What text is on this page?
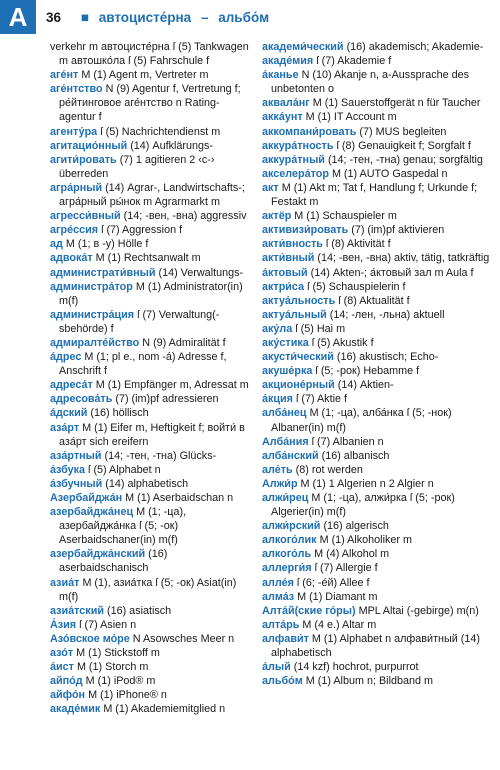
A	36 ■ автоцисте́рна – альбо́м

verkehr m автоцисте́рна ſ (5) Tankwagen m автошко́ла ſ (5) Fahrschule f

аге́нт M (1) Agent m, Vertreter m

аге́нтство N (9) Agentur f, Vertretung f; ре́йтинговое аге́нтство n Rating-agentur f

агенту́ра ſ (5) Nachrichtendienst m

агитацио́нный (14) Aufklärungs-

агити́ровать (7) 1 agitieren 2 ‹c-› überreden

агра́рный (14) Agrar-, Landwirtschafts-; агра́рный ры́нок m Agrarmarkt m

агресси́вный (14; -вен, -вна) aggressiv

агре́ссия ſ (7) Aggression f

ад M (1; в -у) Hölle f

адвока́т M (1) Rechtsanwalt m

администрати́вный (14) Verwaltungs-

администра́тор M (1) Administrator(in) m(f)

администра́ция ſ (7) Verwaltung(-sbehörde) f

адмиралте́йство N (9) Admiralität f

а́дрес M (1; pl e., nom -á) Adresse f, Anschrift f

адреса́т M (1) Empfänger m, Adressat m

адресова́ть (7) (im)pf adressieren

а́дский (16) höllisch

аза́рт M (1) Eifer m, Heftigkeit f; войти́ в аза́рт sich ereifern

аза́ртный (14; -тен, -тна) Glücks-

а́збука ſ (5) Alphabet n

а́збучный (14) alphabetisch

Азербайджа́н M (1) Aserbaidschan n

азербайджа́нец M (1; -ца), азербайджа́нка ſ (5; -ок) Aserbaidschaner(in) m(f)

азербайджа́нский (16) aserbaidschanisch

азиа́т M (1), азиа́тка ſ (5; -ок) Asiat(in) m(f)

азиа́тский (16) asiatisch

А́зия ſ (7) Asien n

Азо́вское мо́ре N Asowsches Meer n

азо́т M (1) Stickstoff m

а́ист M (1) Storch m

айпо́д M (1) iPod® m

айфо́н M (1) iPhone® n

акаде́мик M (1) Akademiemitglied n

академи́ческий (16) akademisch; Akademie-

акаде́мия ſ (7) Akademie f

а́канье N (10) Akanje n, a-Aussprache des unbetonten o

аквала́нг M (1) Sauerstoffgerät n für Taucher

акка́унт M (1) IT Account m

аккомпани́ровать (7) MUS begleiten

аккура́тность ſ (8) Genauigkeit f; Sorgfalt f

аккура́тный (14; -тен, -тна) genau; sorgfältig

акселера́тор M (1) AUTO Gaspedal n

акт M (1) Akt m; Tat f, Handlung f; Urkunde f; Festakt m

актёр M (1) Schauspieler m

активизи́ровать (7) (im)pf aktivieren

акти́вность ſ (8) Aktivität f

акти́вный (14; -вен, -вна) aktiv, tätig, tatkräftig

а́ктовый (14) Akten-; а́ктовый зал m Aula f

актри́са ſ (5) Schauspielerin f

актуа́льность ſ (8) Aktualität f

актуа́льный (14; -лен, -льна) aktuell

аку́ла ſ (5) Hai m

аку́стика ſ (5) Akustik f

акусти́ческий (16) akustisch; Echo-

акуше́рка ſ (5; -рок) Hebamme f

акционе́рный (14) Aktien-

а́кция ſ (7) Aktie f

алба́нец M (1; -ца), алба́нка ſ (5; -нок) Albaner(in) m(f)

Алба́ния ſ (7) Albanien n

алба́нский (16) albanisch

але́ть (8) rot werden

Алжи́р M (1) 1 Algerien n 2 Algier n

алжи́рец M (1; -ца), алжи́рка ſ (5; -рок) Algerier(in) m(f)

алжи́рский (16) algerisch

алкого́лик M (1) Alkoholiker m

алкого́ль M (4) Alkohol m

аллерги́я ſ (7) Allergie f

алле́я ſ (6; -е́й) Allee f

алма́з M (1) Diamant m

Алта́й(ские го́ры) MPL Altai (-gebirge) m(n)

алта́рь M (4 e.) Altar m

алфави́т M (1) Alphabet n алфави́тный (14) alphabetisch

а́лый (14 kzf) hochrot, purpurrot

альбо́м M (1) Album n; Bildband m
